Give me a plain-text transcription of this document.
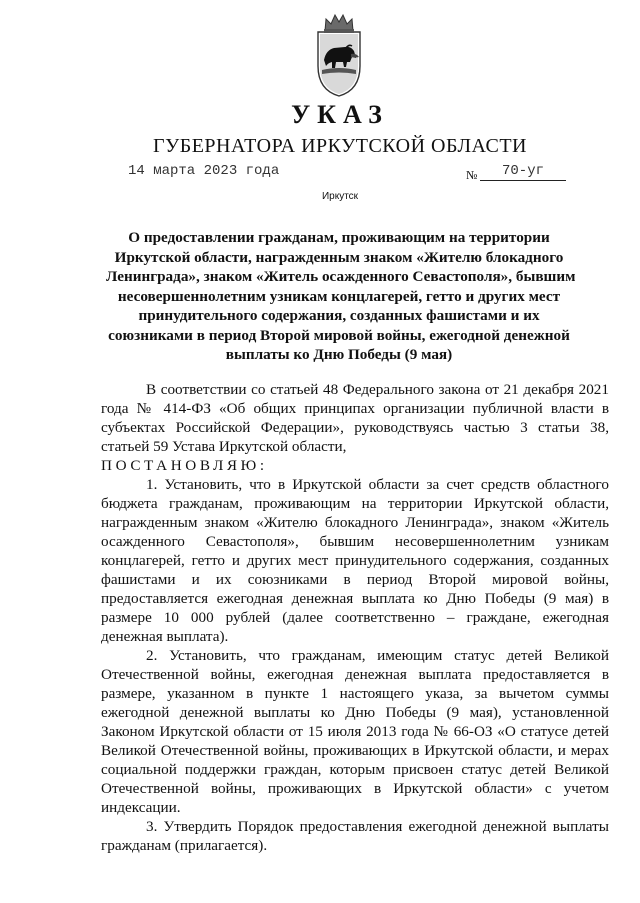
УКАЗ
ГУБЕРНАТОРА ИРКУТСКОЙ ОБЛАСТИ
14 марта 2023 года	№	70-уг
Иркутск
О предоставлении гражданам, проживающим на территории
Иркутской области, награжденным знаком «Жителю блокадного
Ленинграда», знаком «Житель осажденного Севастополя», бывшим
несовершеннолетним узникам концлагерей, гетто и других мест
принудительного содержания, созданных фашистами и их
союзниками в период Второй мировой войны, ежегодной денежной
выплаты ко Дню Победы (9 мая)

В соответствии со статьей 48 Федерального закона от 21 декабря 2021 года № 414-ФЗ «Об общих принципах организации публичной власти в субъектах Российской Федерации», руководствуясь частью 3 статьи 38, статьей 59 Устава Иркутской области,

ПОСТАНОВЛЯЮ:

1. Установить, что в Иркутской области за счет средств областного бюджета гражданам, проживающим на территории Иркутской области, награжденным знаком «Жителю блокадного Ленинграда», знаком «Житель осажденного Севастополя», бывшим несовершеннолетним узникам концлагерей, гетто и других мест принудительного содержания, созданных фашистами и их союзниками в период Второй мировой войны, предоставляется ежегодная денежная выплата ко Дню Победы (9 мая) в размере 10 000 рублей (далее соответственно – граждане, ежегодная денежная выплата).

2. Установить, что гражданам, имеющим статус детей Великой Отечественной войны, ежегодная денежная выплата предоставляется в размере, указанном в пункте 1 настоящего указа, за вычетом суммы ежегодной денежной выплаты ко Дню Победы (9 мая), установленной Законом Иркутской области от 15 июля 2013 года № 66-ОЗ «О статусе детей Великой Отечественной войны, проживающих в Иркутской области, и мерах социальной поддержки граждан, которым присвоен статус детей Великой Отечественной войны, проживающих в Иркутской области» с учетом индексации.

3. Утвердить Порядок предоставления ежегодной денежной выплаты гражданам (прилагается).
